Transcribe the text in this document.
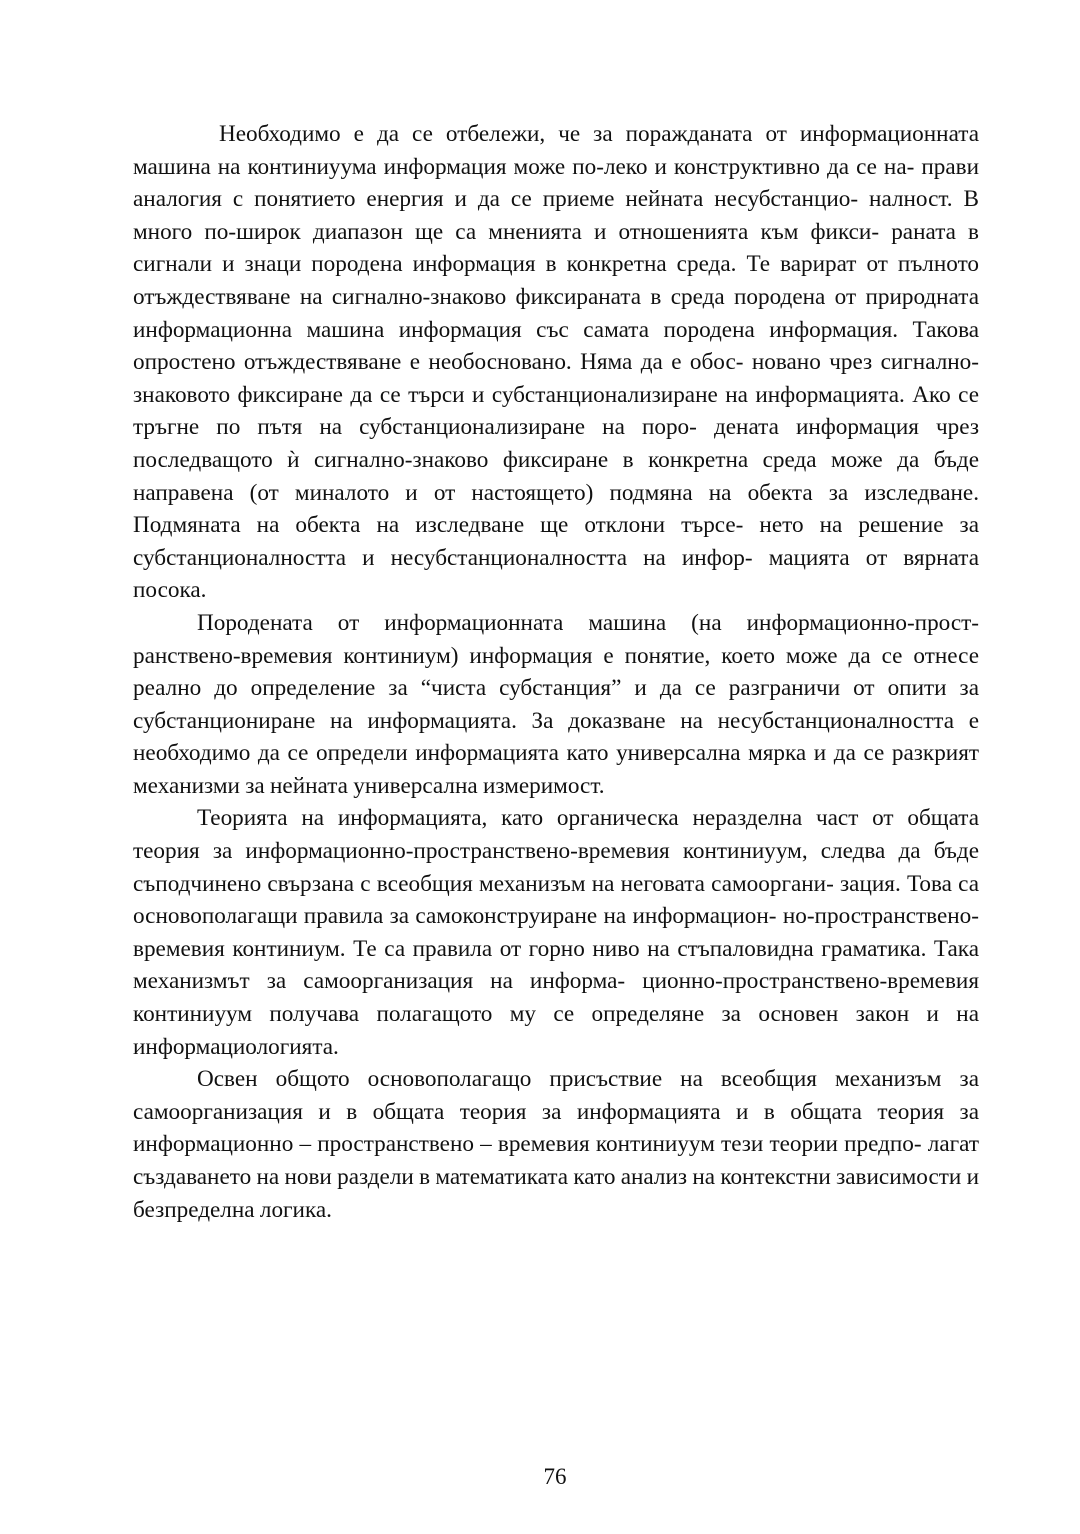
Необходимо е да се отбележи, че за поражданата от информационната машина на континиуума информация може по-леко и конструктивно да се на- прави аналогия с понятието енергия и да се приеме нейната несубстанцио- налност. В много по-широк диапазон ще са мненията и отношенията към фикси- раната в сигнали и знаци породена информация в конкретна среда. Те варират от пълното отъждествяване на сигнално-знаково фиксираната в среда породена от природната информационна машина информация със самата породена информация. Такова опростено отъждествяване е необосновано. Няма да е обос- новано чрез сигнално-знаковото фиксиране да се търси и субстанционализиране на информацията. Ако се тръгне по пътя на субстанционализиране на поро- дената информация чрез последващото ѝ сигнално-знаково фиксиране в конкретна среда може да бъде направена (от миналото и от настоящето) подмяна на обекта за изследване. Подмяната на обекта на изследване ще отклони търсе- нето на решение за субстанционалността и несубстанционалността на инфор- мацията от вярната посока.

Породената от информационната машина (на информационно-прост- ранствено-времевия континиум) информация е понятие, което може да се отнесе реално до определение за “чиста субстанция” и да се разграничи от опити за субстанциониране на информацията. За доказване на несубстанционалността е необходимо да се определи информацията като универсална мярка и да се разкрият механизми за нейната универсална измеримост.

Теорията на информацията, като органическа неразделна част от общата теория за информационно-пространствено-времевия континиуум, следва да бъде съподчинено свързана с всеобщия механизъм на неговата самооргани- зация. Това са основополагащи правила за самоконструиране на информацион- но-пространствено-времевия континиум. Те са правила от горно ниво на стъпаловидна граматика. Така механизмът за самоорганизация на информа- ционно-пространствено-времевия континиуум получава полагащото му се определяне за основен закон и на информациологията.

Освен общото основополагащо присъствие на всеобщия механизъм за самоорганизация и в общата теория за информацията и в общата теория за информационно – пространствено – времевия континиуум тези теории предпо- лагат създаването на нови раздели в математиката като анализ на контекстни зависимости и безпределна логика.

76
